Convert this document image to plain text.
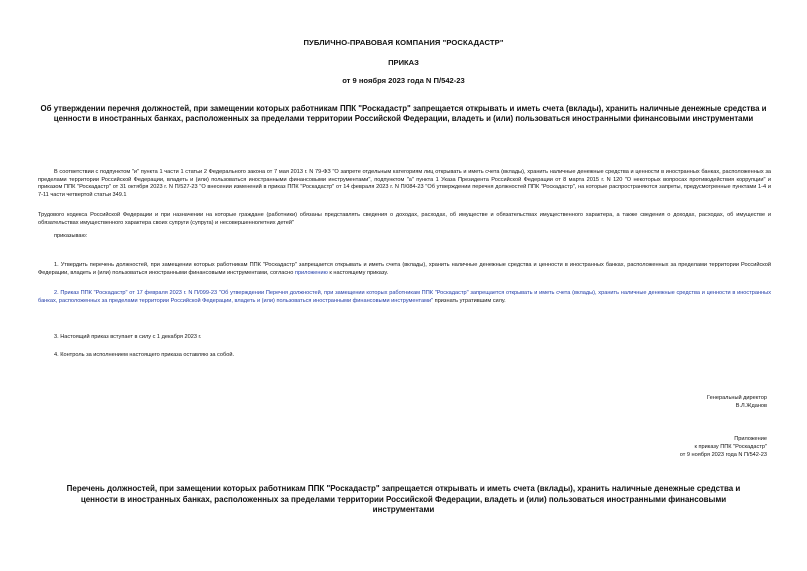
ПУБЛИЧНО-ПРАВОВАЯ КОМПАНИЯ "РОСКАДАСТР"
ПРИКАЗ
от 9 ноября 2023 года N П/542-23
Об утверждении перечня должностей, при замещении которых работникам ППК "Роскадастр" запрещается открывать и иметь счета (вклады), хранить наличные денежные средства и ценности в иностранных банках, расположенных за пределами территории Российской Федерации, владеть и (или) пользоваться иностранными финансовыми инструментами
В соответствии с подпунктом "и" пункта 1 части 1 статьи 2 Федерального закона от 7 мая 2013 г. N 79-ФЗ "О запрете отдельным категориям лиц открывать и иметь счета (вклады), хранить наличные денежные средства и ценности в иностранных банках, расположенных за пределами территории Российской Федерации, владеть и (или) пользоваться иностранными финансовыми инструментами", подпунктом "а" пункта 1 Указа Президента Российской Федерации от 8 марта 2015 г. N 120 "О некоторых вопросах противодействия коррупции" и приказом ППК "Роскадастр" от 31 октября 2023 г. N П/527-23 "О внесении изменений в приказ ППК "Роскадастр" от 14 февраля 2023 г. N П/084-23 "Об утверждении перечня должностей ППК "Роскадастр", на которые распространяются запреты, предусмотренные пунктами 1-4 и 7-11 части четвертой статьи 349.1
Трудового кодекса Российской Федерации и при назначении на которые граждане (работники) обязаны представлять сведения о доходах, расходах, об имуществе и обязательствах имущественного характера, а также сведения о доходах, расходах, об имуществе и обязательствах имущественного характера своих супруги (супруга) и несовершеннолетних детей"
приказываю:
1. Утвердить перечень должностей, при замещении которых работникам ППК "Роскадастр" запрещается открывать и иметь счета (вклады), хранить наличные денежные средства и ценности в иностранных банках, расположенных за пределами территории Российской Федерации, владеть и (или) пользоваться иностранными финансовыми инструментами, согласно приложению к настоящему приказу.
2. Приказ ППК "Роскадастр" от 17 февраля 2023 г. N П/099-23 "Об утверждении Перечня должностей, при замещении которых работникам ППК "Роскадастр" запрещается открывать и иметь счета (вклады), хранить наличные денежные средства и ценности в иностранных банках, расположенных за пределами территории Российской Федерации, владеть и (или) пользоваться иностранными финансовыми инструментами" признать утратившим силу.
3. Настоящий приказ вступает в силу с 1 декабря 2023 г.
4. Контроль за исполнением настоящего приказа оставляю за собой.
Генеральный директор
В.Л.Жданов
Приложение
к приказу ППК "Роскадастр"
от 9 ноября 2023 года N П/542-23
Перечень должностей, при замещении которых работникам ППК "Роскадастр" запрещается открывать и иметь счета (вклады), хранить наличные денежные средства и ценности в иностранных банках, расположенных за пределами территории Российской Федерации, владеть и (или) пользоваться иностранными финансовыми инструментами
